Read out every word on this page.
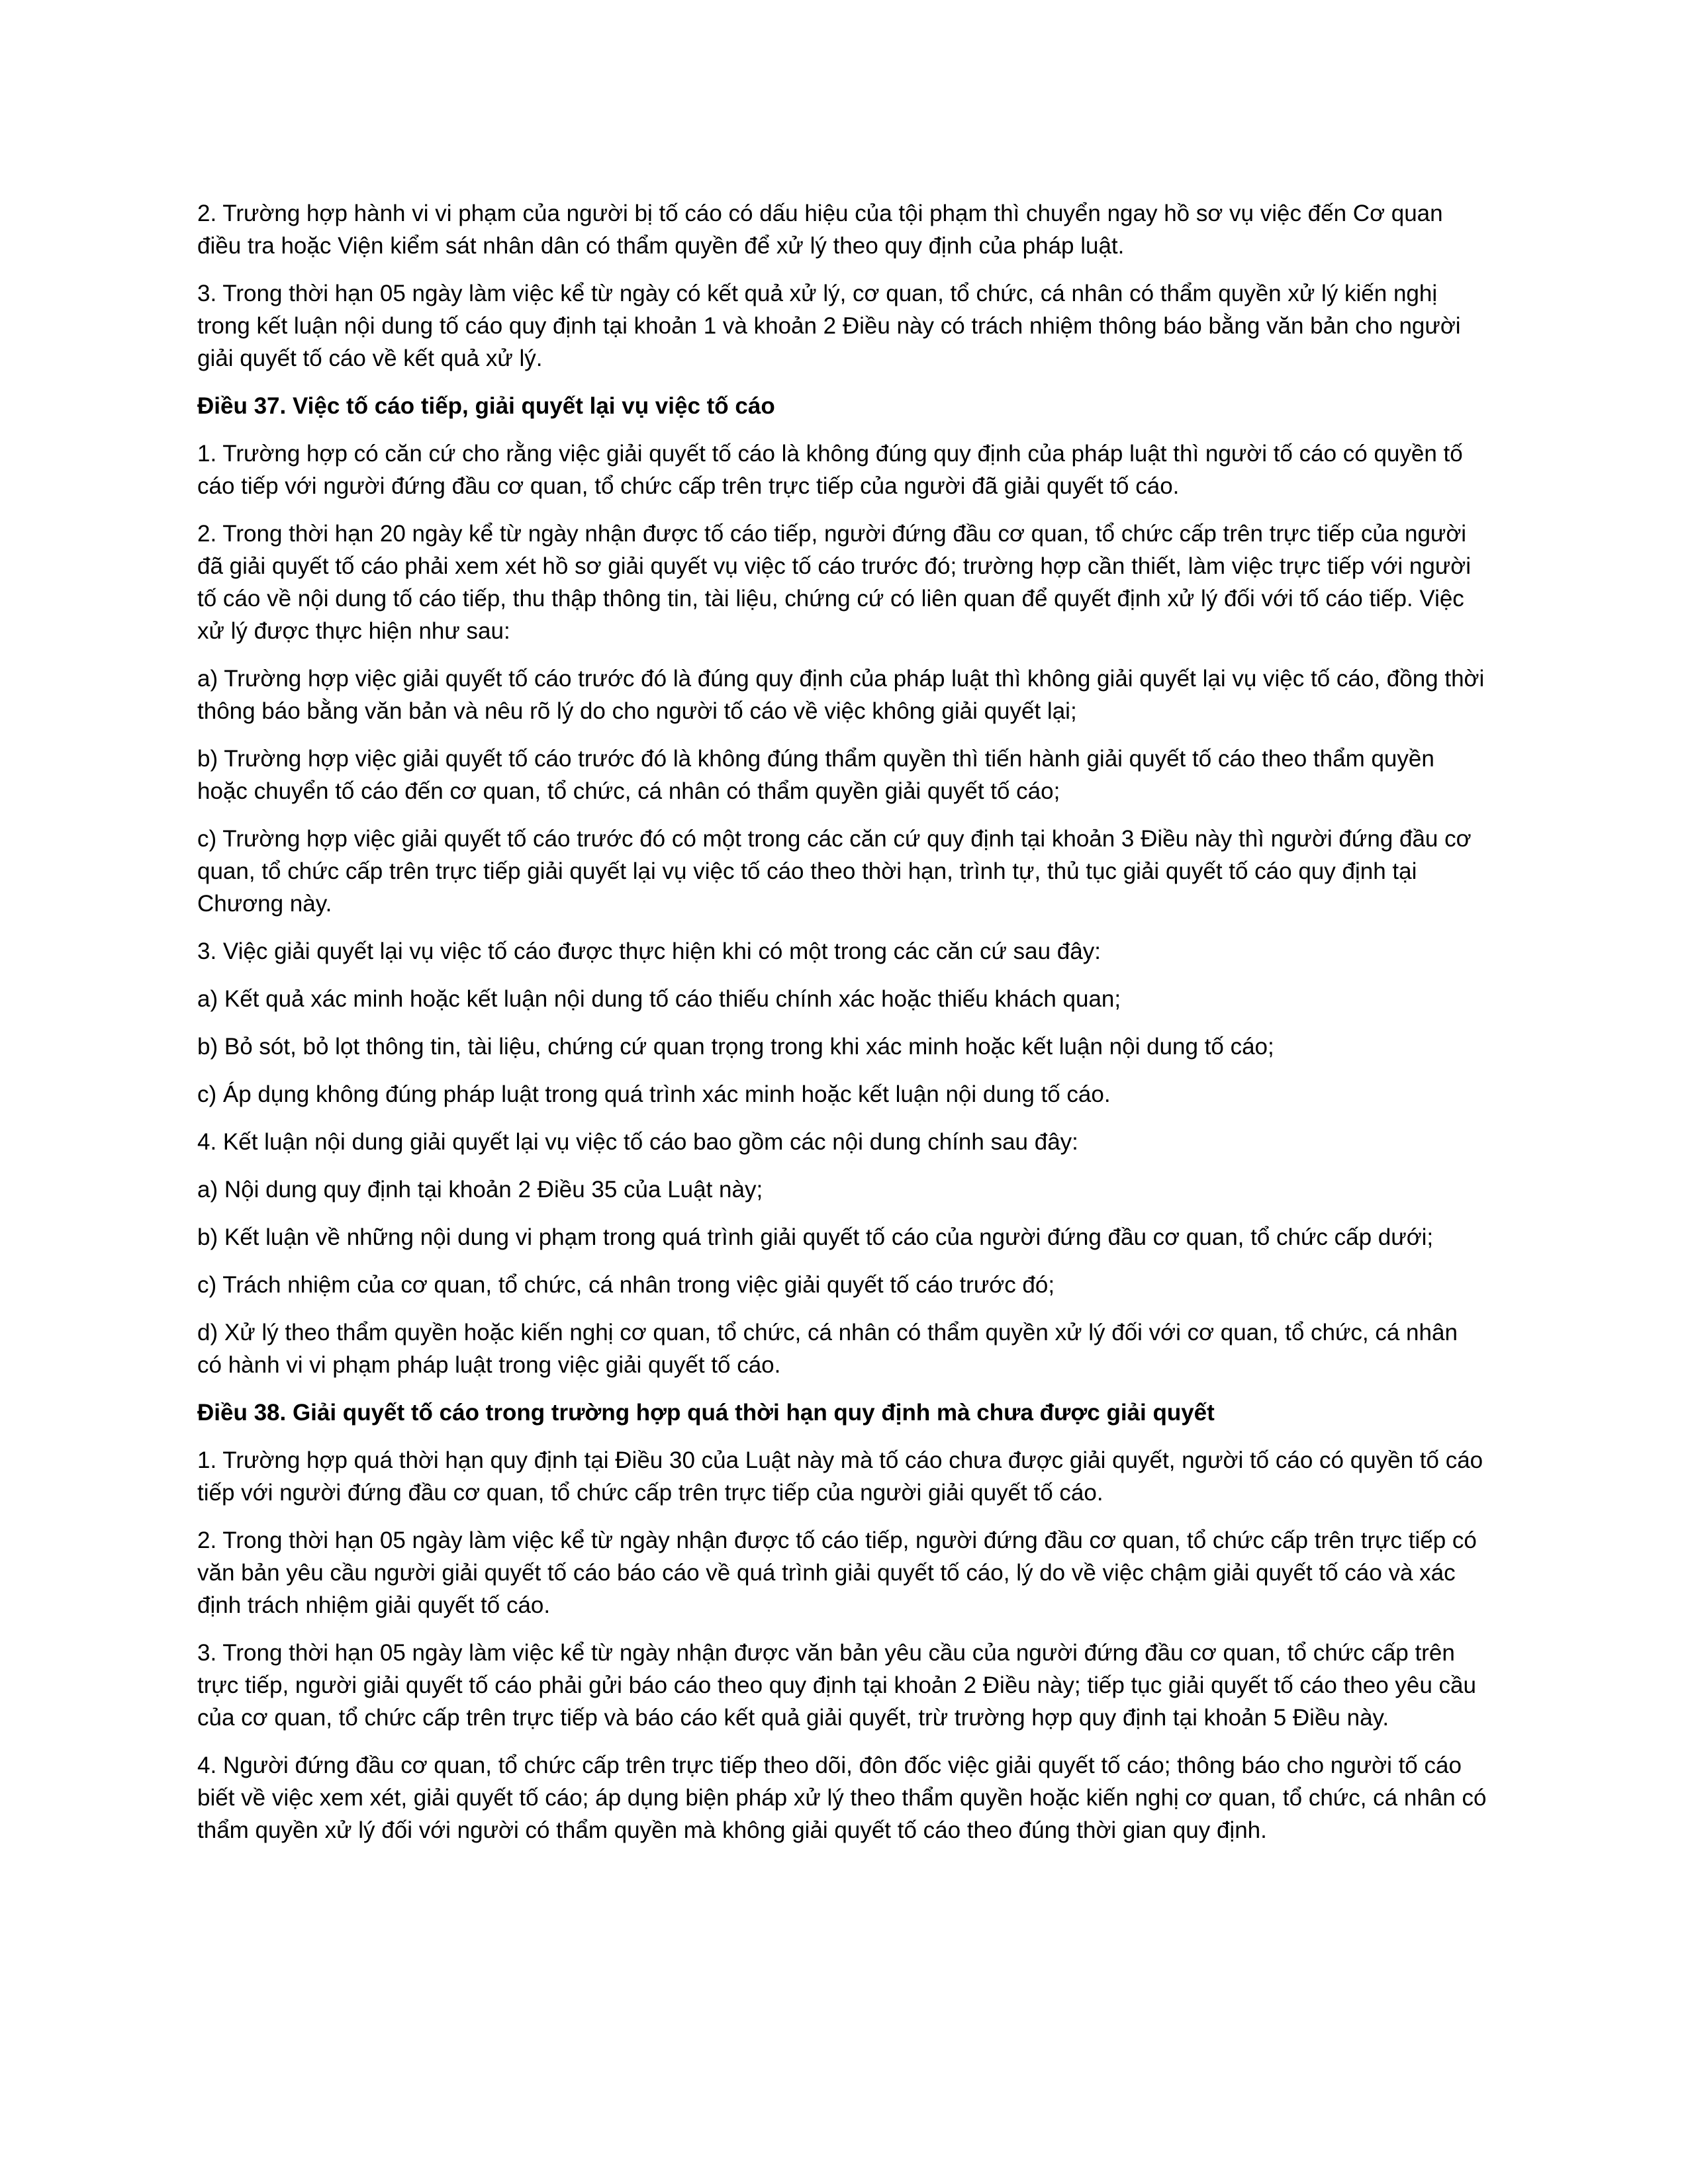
2. Trường hợp hành vi vi phạm của người bị tố cáo có dấu hiệu của tội phạm thì chuyển ngay hồ sơ vụ việc đến Cơ quan điều tra hoặc Viện kiểm sát nhân dân có thẩm quyền để xử lý theo quy định của pháp luật.

3. Trong thời hạn 05 ngày làm việc kể từ ngày có kết quả xử lý, cơ quan, tổ chức, cá nhân có thẩm quyền xử lý kiến nghị trong kết luận nội dung tố cáo quy định tại khoản 1 và khoản 2 Điều này có trách nhiệm thông báo bằng văn bản cho người giải quyết tố cáo về kết quả xử lý.

Điều 37. Việc tố cáo tiếp, giải quyết lại vụ việc tố cáo

1. Trường hợp có căn cứ cho rằng việc giải quyết tố cáo là không đúng quy định của pháp luật thì người tố cáo có quyền tố cáo tiếp với người đứng đầu cơ quan, tổ chức cấp trên trực tiếp của người đã giải quyết tố cáo.

2. Trong thời hạn 20 ngày kể từ ngày nhận được tố cáo tiếp, người đứng đầu cơ quan, tổ chức cấp trên trực tiếp của người đã giải quyết tố cáo phải xem xét hồ sơ giải quyết vụ việc tố cáo trước đó; trường hợp cần thiết, làm việc trực tiếp với người tố cáo về nội dung tố cáo tiếp, thu thập thông tin, tài liệu, chứng cứ có liên quan để quyết định xử lý đối với tố cáo tiếp. Việc xử lý được thực hiện như sau:

a) Trường hợp việc giải quyết tố cáo trước đó là đúng quy định của pháp luật thì không giải quyết lại vụ việc tố cáo, đồng thời thông báo bằng văn bản và nêu rõ lý do cho người tố cáo về việc không giải quyết lại;

b) Trường hợp việc giải quyết tố cáo trước đó là không đúng thẩm quyền thì tiến hành giải quyết tố cáo theo thẩm quyền hoặc chuyển tố cáo đến cơ quan, tổ chức, cá nhân có thẩm quyền giải quyết tố cáo;

c) Trường hợp việc giải quyết tố cáo trước đó có một trong các căn cứ quy định tại khoản 3 Điều này thì người đứng đầu cơ quan, tổ chức cấp trên trực tiếp giải quyết lại vụ việc tố cáo theo thời hạn, trình tự, thủ tục giải quyết tố cáo quy định tại Chương này.

3. Việc giải quyết lại vụ việc tố cáo được thực hiện khi có một trong các căn cứ sau đây:

a) Kết quả xác minh hoặc kết luận nội dung tố cáo thiếu chính xác hoặc thiếu khách quan;

b) Bỏ sót, bỏ lọt thông tin, tài liệu, chứng cứ quan trọng trong khi xác minh hoặc kết luận nội dung tố cáo;

c) Áp dụng không đúng pháp luật trong quá trình xác minh hoặc kết luận nội dung tố cáo.

4. Kết luận nội dung giải quyết lại vụ việc tố cáo bao gồm các nội dung chính sau đây:

a) Nội dung quy định tại khoản 2 Điều 35 của Luật này;

b) Kết luận về những nội dung vi phạm trong quá trình giải quyết tố cáo của người đứng đầu cơ quan, tổ chức cấp dưới;

c) Trách nhiệm của cơ quan, tổ chức, cá nhân trong việc giải quyết tố cáo trước đó;

d) Xử lý theo thẩm quyền hoặc kiến nghị cơ quan, tổ chức, cá nhân có thẩm quyền xử lý đối với cơ quan, tổ chức, cá nhân có hành vi vi phạm pháp luật trong việc giải quyết tố cáo.

Điều 38. Giải quyết tố cáo trong trường hợp quá thời hạn quy định mà chưa được giải quyết

1. Trường hợp quá thời hạn quy định tại Điều 30 của Luật này mà tố cáo chưa được giải quyết, người tố cáo có quyền tố cáo tiếp với người đứng đầu cơ quan, tổ chức cấp trên trực tiếp của người giải quyết tố cáo.

2. Trong thời hạn 05 ngày làm việc kể từ ngày nhận được tố cáo tiếp, người đứng đầu cơ quan, tổ chức cấp trên trực tiếp có văn bản yêu cầu người giải quyết tố cáo báo cáo về quá trình giải quyết tố cáo, lý do về việc chậm giải quyết tố cáo và xác định trách nhiệm giải quyết tố cáo.

3. Trong thời hạn 05 ngày làm việc kể từ ngày nhận được văn bản yêu cầu của người đứng đầu cơ quan, tổ chức cấp trên trực tiếp, người giải quyết tố cáo phải gửi báo cáo theo quy định tại khoản 2 Điều này; tiếp tục giải quyết tố cáo theo yêu cầu của cơ quan, tổ chức cấp trên trực tiếp và báo cáo kết quả giải quyết, trừ trường hợp quy định tại khoản 5 Điều này.

4. Người đứng đầu cơ quan, tổ chức cấp trên trực tiếp theo dõi, đôn đốc việc giải quyết tố cáo; thông báo cho người tố cáo biết về việc xem xét, giải quyết tố cáo; áp dụng biện pháp xử lý theo thẩm quyền hoặc kiến nghị cơ quan, tổ chức, cá nhân có thẩm quyền xử lý đối với người có thẩm quyền mà không giải quyết tố cáo theo đúng thời gian quy định.
